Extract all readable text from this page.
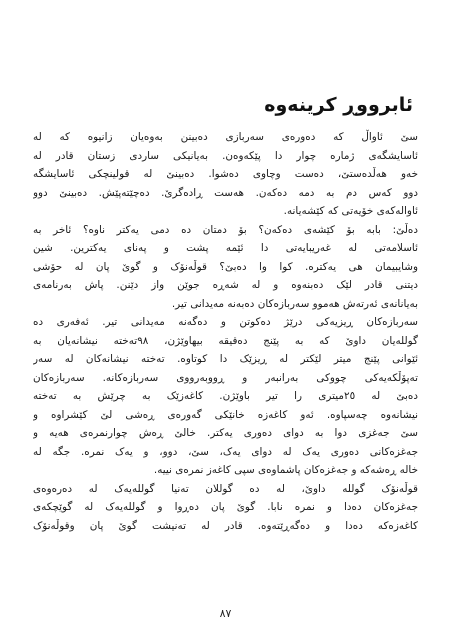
ئابرووڕ کرینەوە
سێ ئاواڵ کە دەورەی سەربازی دەبینن بەوەیان زانیوە کە لە
ئاسایشگەی ژمارە چوار دا پێکەوەن. بەیانیکی ساردی زستان قادر لە
خەو هەڵدەستێ، دەست وچاوی دەشوا. دەبینێ لە قولینچکی ئاسایشگە
دوو کەس دم بە دمە دەکەن. هەست ڕادەگرێ. دەچێتەپێش. دەبینێ دوو
ئاوالەکەی خۆیەتی کە کێشەیانە.
دەڵێ: بابە بۆ کێشەی دەکەن؟ بۆ دمتان دە دمی یەکتر ناوە؟ ئاخر بە
ئاسلامەتی لە غەریبایەتی دا ئێمە پشت و پەنای یەکترین. شین
وشایبیمان هی یەکترە. کوا وا دەبێ؟ قوڵەنۆک و گوێ پان لە حۆشی
دیتنی قادر لێک دەبنەوە و لە شەڕە جوێن واز دێنن. پاش بەرنامەی
بەیانانەی ئەرتەش هەموو سەربازەکان دەبەنە مەیدانی تیر.
سەربازەکان ڕیزیەکی درێژ دەکوتن و دەگەنە مەیدانی تیر. ئەفەری دە
گوللەیان داوێ کە بە پێنج دەقیقە بیهاوێژن، ٩٨تەختە نیشانەیان بە
ئێوانی پێنج میتر لێکتر لە ڕیزێک دا کوتاوە. تەختە نیشانەکان لە سەر
تەپۆڵکەیەکی چووکی بەرانبەر و ڕووبەرووی سەربازەکانە. سەربازەکان
دەبێ لە ٢٥میتری را تیر باوێژن. کاغەزێک بە چرێش بە تەختە
نیشانەوە چەسپاوە. ئەو کاغەزە خانێکی گەورەی ڕەشی لێ کێشراوە و
سێ جەغزی دوا بە دوای دەوری یەکتر. خالێ ڕەش چوارنمرەی هەیە و
جەغزەکانی دەوری یەک لە دوای یەک، سێ، دوو، و یەک نمرە. جگە لە
خالە ڕەشەکە و جەغزەکان پاشماوەی سپی کاغەز نمرەی نییە.
قوڵەنۆک گوللە داوێ، لە دە گوللان تەنیا گوللەیەک لە دەرەوەی
جەغزەکان دەدا و نمرە نابا. گوێ پان دەڕوا و گوللەیەک لە گوێچکەی
کاغەزەکە دەدا و دەگەڕێتەوە. قادر لە تەنیشت گوێ پان وقوڵەنۆک
٨٧
